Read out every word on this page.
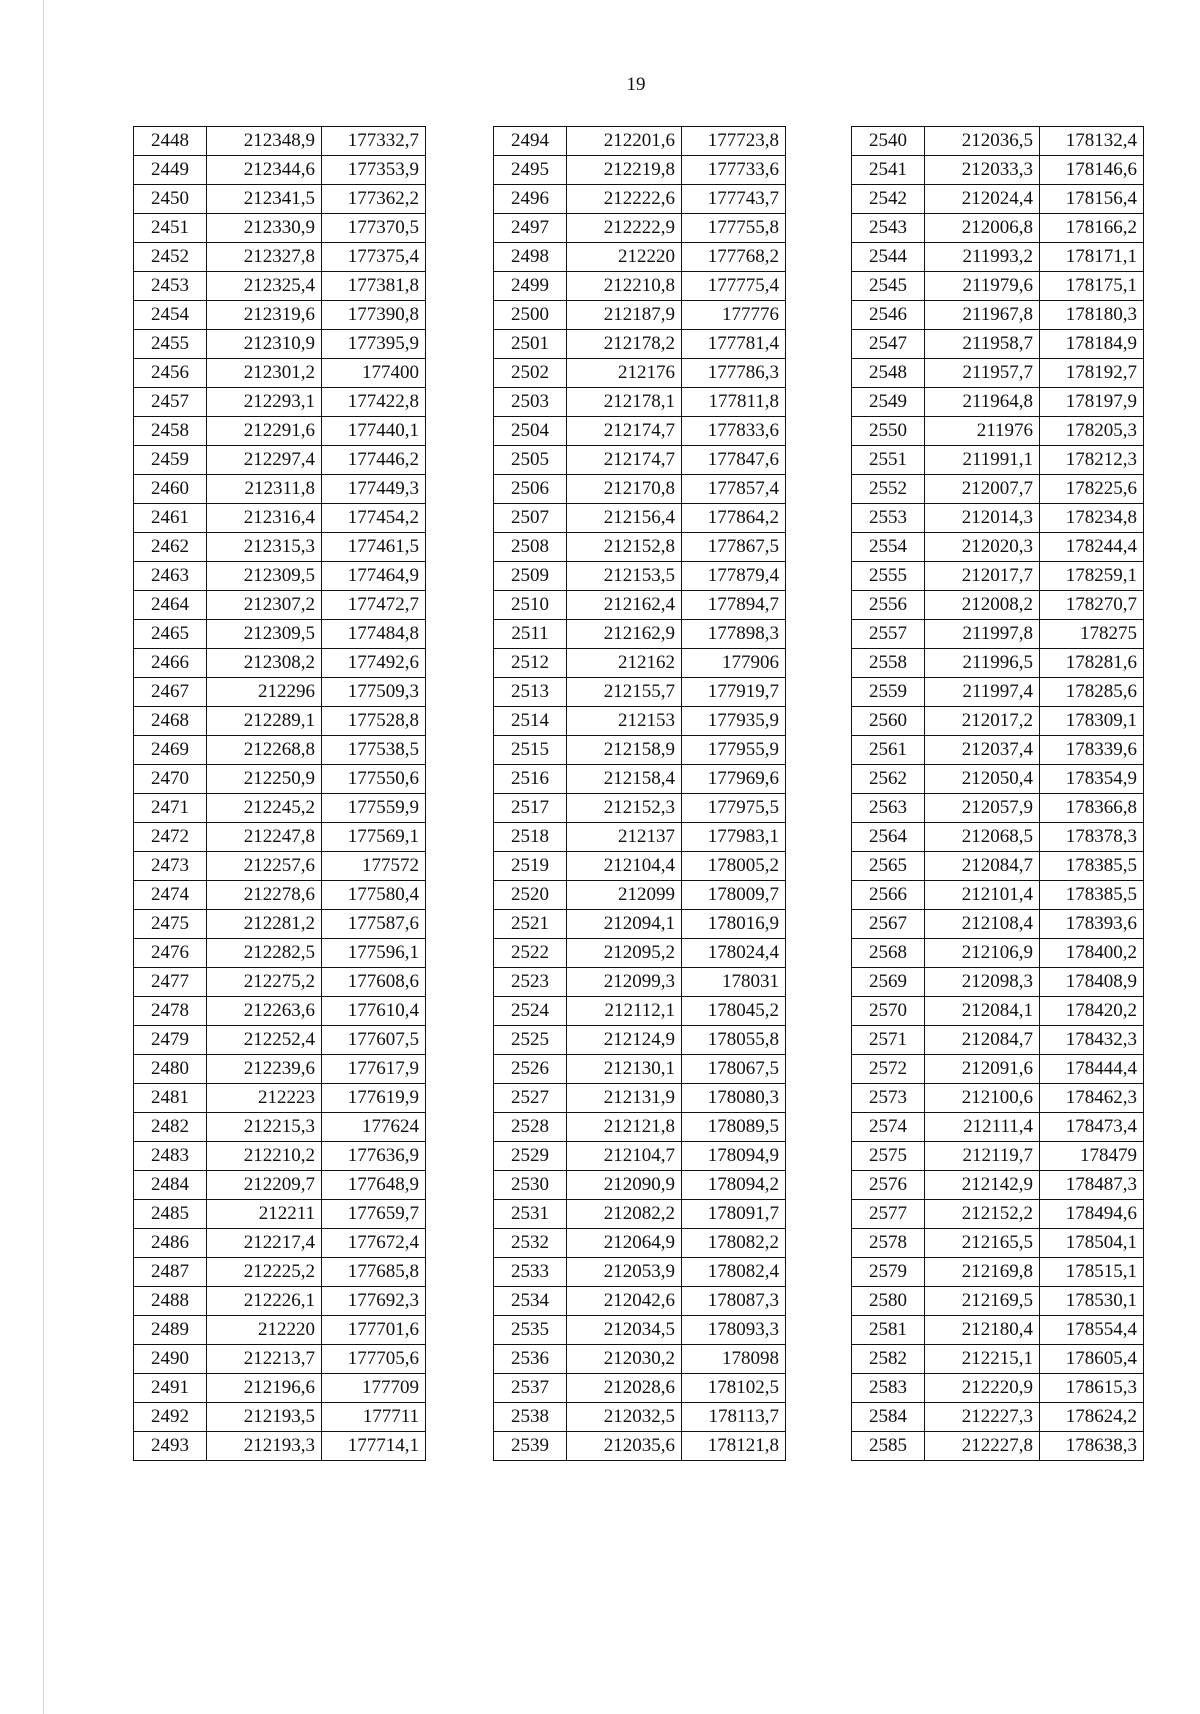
19
2448	212348,9	177332,7
2449	212344,6	177353,9
2450	212341,5	177362,2
2451	212330,9	177370,5
2452	212327,8	177375,4
2453	212325,4	177381,8
2454	212319,6	177390,8
2455	212310,9	177395,9
2456	212301,2	177400
2457	212293,1	177422,8
2458	212291,6	177440,1
2459	212297,4	177446,2
2460	212311,8	177449,3
2461	212316,4	177454,2
2462	212315,3	177461,5
2463	212309,5	177464,9
2464	212307,2	177472,7
2465	212309,5	177484,8
2466	212308,2	177492,6
2467	212296	177509,3
2468	212289,1	177528,8
2469	212268,8	177538,5
2470	212250,9	177550,6
2471	212245,2	177559,9
2472	212247,8	177569,1
2473	212257,6	177572
2474	212278,6	177580,4
2475	212281,2	177587,6
2476	212282,5	177596,1
2477	212275,2	177608,6
2478	212263,6	177610,4
2479	212252,4	177607,5
2480	212239,6	177617,9
2481	212223	177619,9
2482	212215,3	177624
2483	212210,2	177636,9
2484	212209,7	177648,9
2485	212211	177659,7
2486	212217,4	177672,4
2487	212225,2	177685,8
2488	212226,1	177692,3
2489	212220	177701,6
2490	212213,7	177705,6
2491	212196,6	177709
2492	212193,5	177711
2493	212193,3	177714,1
2494	212201,6	177723,8
2495	212219,8	177733,6
2496	212222,6	177743,7
2497	212222,9	177755,8
2498	212220	177768,2
2499	212210,8	177775,4
2500	212187,9	177776
2501	212178,2	177781,4
2502	212176	177786,3
2503	212178,1	177811,8
2504	212174,7	177833,6
2505	212174,7	177847,6
2506	212170,8	177857,4
2507	212156,4	177864,2
2508	212152,8	177867,5
2509	212153,5	177879,4
2510	212162,4	177894,7
2511	212162,9	177898,3
2512	212162	177906
2513	212155,7	177919,7
2514	212153	177935,9
2515	212158,9	177955,9
2516	212158,4	177969,6
2517	212152,3	177975,5
2518	212137	177983,1
2519	212104,4	178005,2
2520	212099	178009,7
2521	212094,1	178016,9
2522	212095,2	178024,4
2523	212099,3	178031
2524	212112,1	178045,2
2525	212124,9	178055,8
2526	212130,1	178067,5
2527	212131,9	178080,3
2528	212121,8	178089,5
2529	212104,7	178094,9
2530	212090,9	178094,2
2531	212082,2	178091,7
2532	212064,9	178082,2
2533	212053,9	178082,4
2534	212042,6	178087,3
2535	212034,5	178093,3
2536	212030,2	178098
2537	212028,6	178102,5
2538	212032,5	178113,7
2539	212035,6	178121,8
2540	212036,5	178132,4
2541	212033,3	178146,6
2542	212024,4	178156,4
2543	212006,8	178166,2
2544	211993,2	178171,1
2545	211979,6	178175,1
2546	211967,8	178180,3
2547	211958,7	178184,9
2548	211957,7	178192,7
2549	211964,8	178197,9
2550	211976	178205,3
2551	211991,1	178212,3
2552	212007,7	178225,6
2553	212014,3	178234,8
2554	212020,3	178244,4
2555	212017,7	178259,1
2556	212008,2	178270,7
2557	211997,8	178275
2558	211996,5	178281,6
2559	211997,4	178285,6
2560	212017,2	178309,1
2561	212037,4	178339,6
2562	212050,4	178354,9
2563	212057,9	178366,8
2564	212068,5	178378,3
2565	212084,7	178385,5
2566	212101,4	178385,5
2567	212108,4	178393,6
2568	212106,9	178400,2
2569	212098,3	178408,9
2570	212084,1	178420,2
2571	212084,7	178432,3
2572	212091,6	178444,4
2573	212100,6	178462,3
2574	212111,4	178473,4
2575	212119,7	178479
2576	212142,9	178487,3
2577	212152,2	178494,6
2578	212165,5	178504,1
2579	212169,8	178515,1
2580	212169,5	178530,1
2581	212180,4	178554,4
2582	212215,1	178605,4
2583	212220,9	178615,3
2584	212227,3	178624,2
2585	212227,8	178638,3
